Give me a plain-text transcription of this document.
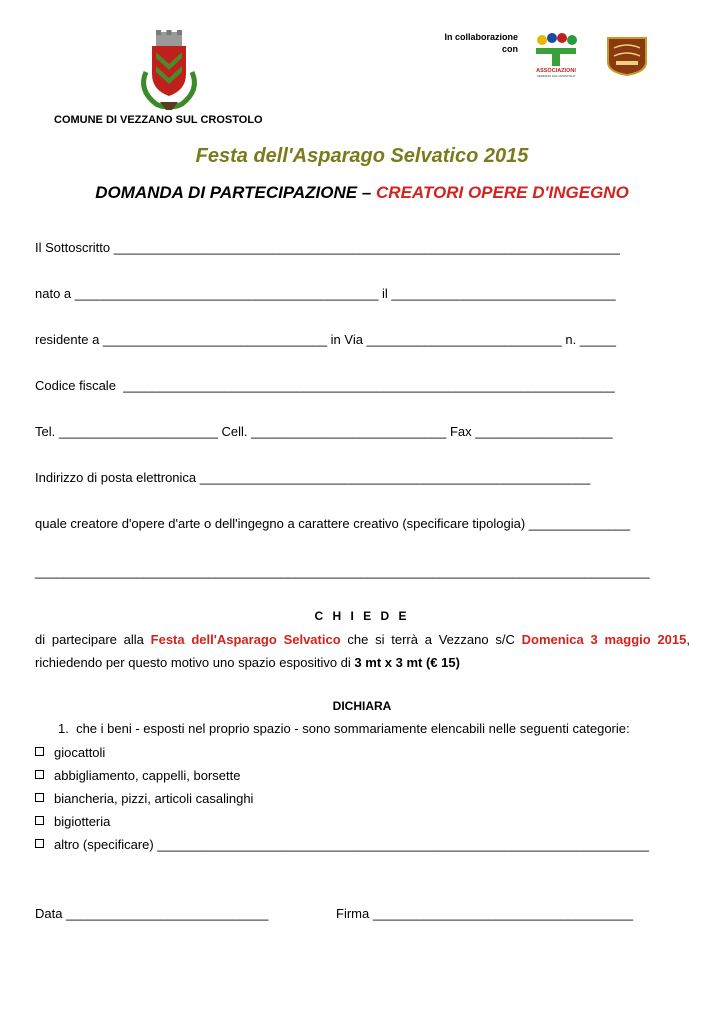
COMUNE DI VEZZANO SUL CROSTOLO
In collaborazione
con
ASSOCIAZIONI
VEZZANO SUL CROSTOLO
Festa dell'Asparago Selvatico 2015
DOMANDA DI PARTECIPAZIONE – CREATORI OPERE D'INGEGNO
Il Sottoscritto ______________________________________________________________________
nato a __________________________________________ il _______________________________
residente a _______________________________ in Via ___________________________ n. _____
Codice fiscale  ____________________________________________________________________
Tel. ______________________ Cell. ___________________________ Fax ___________________
Indirizzo di posta elettronica ______________________________________________________
quale creatore d'opere d'arte o dell'ingegno a carattere creativo (specificare tipologia) ______________
_____________________________________________________________________________________
C H I E D E
di partecipare alla Festa dell'Asparago Selvatico che si terrà a Vezzano s/C Domenica 3 maggio 2015, richiedendo per questo motivo uno spazio espositivo di 3 mt x 3 mt (€ 15)
DICHIARA
1. che i beni - esposti nel proprio spazio - sono sommariamente elencabili nelle seguenti categorie:
giocattoli
abbigliamento, cappelli, borsette
biancheria, pizzi, articoli casalinghi
bigiotteria
altro (specificare) ____________________________________________________________________
Data ____________________________	Firma ____________________________________
